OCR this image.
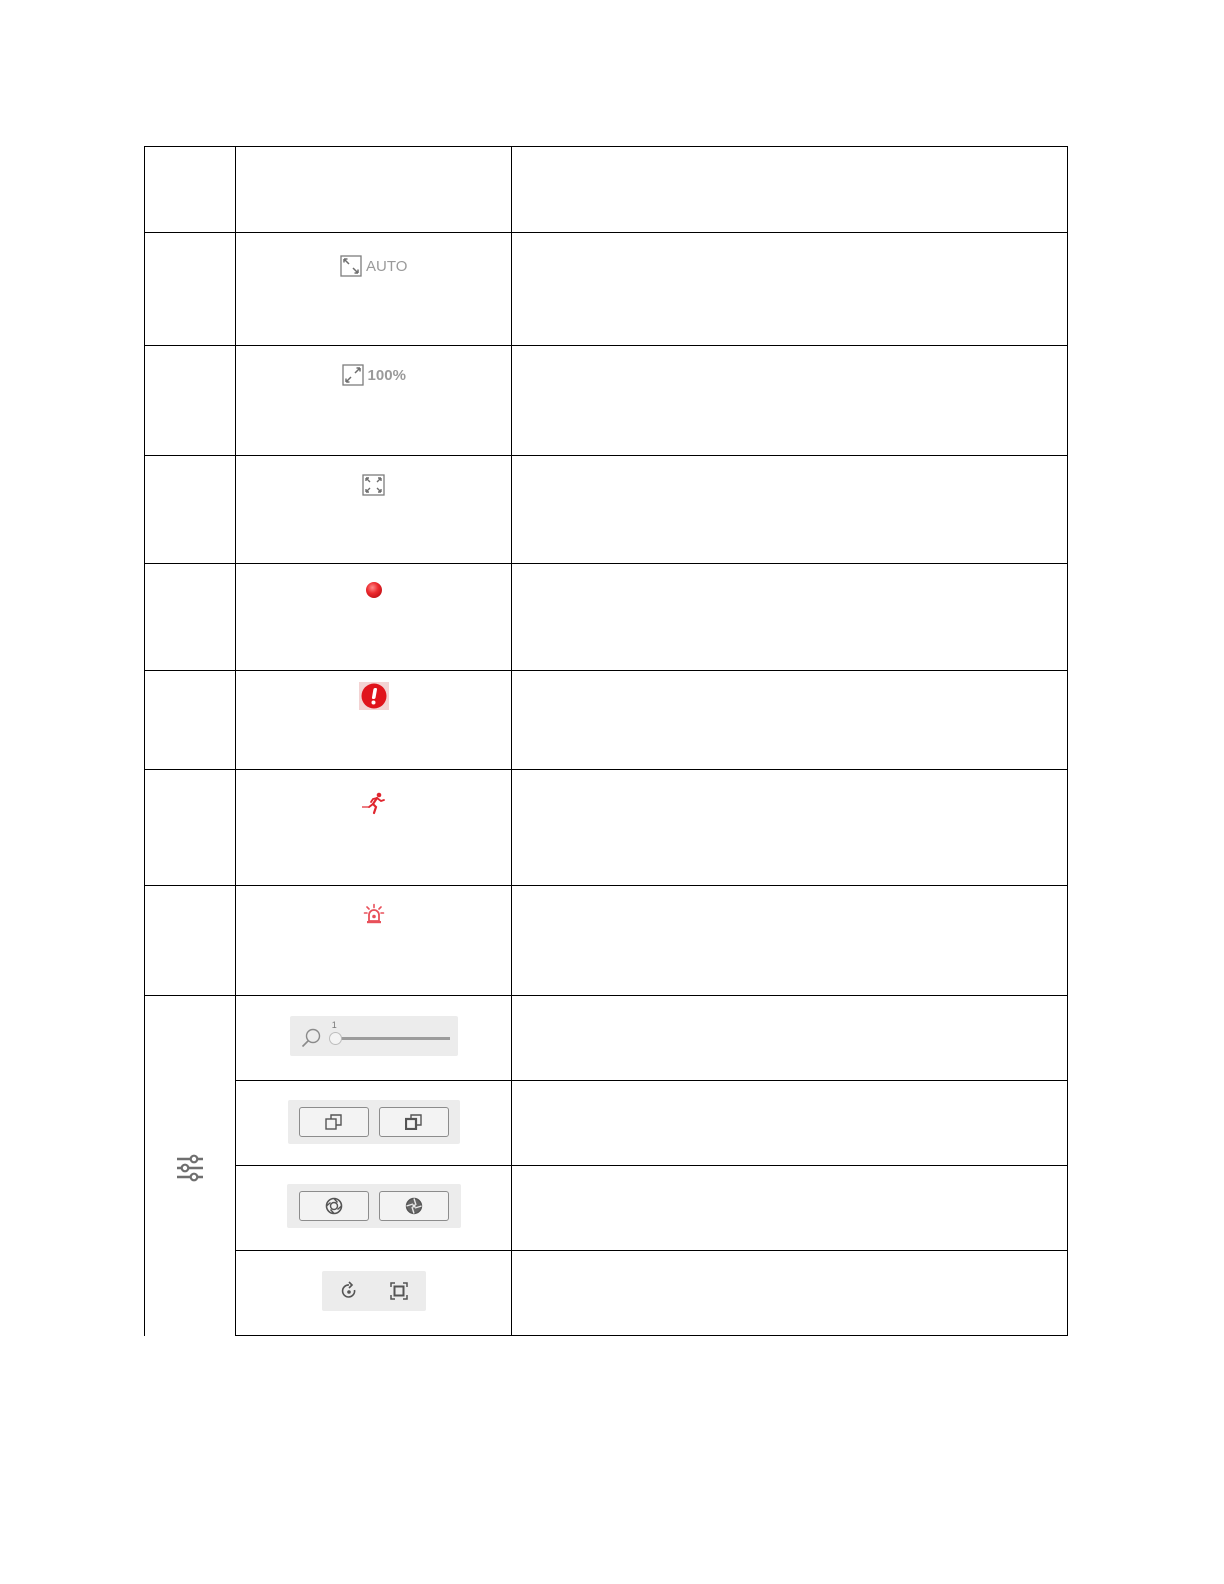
	AUTO	

	100%	

1	
